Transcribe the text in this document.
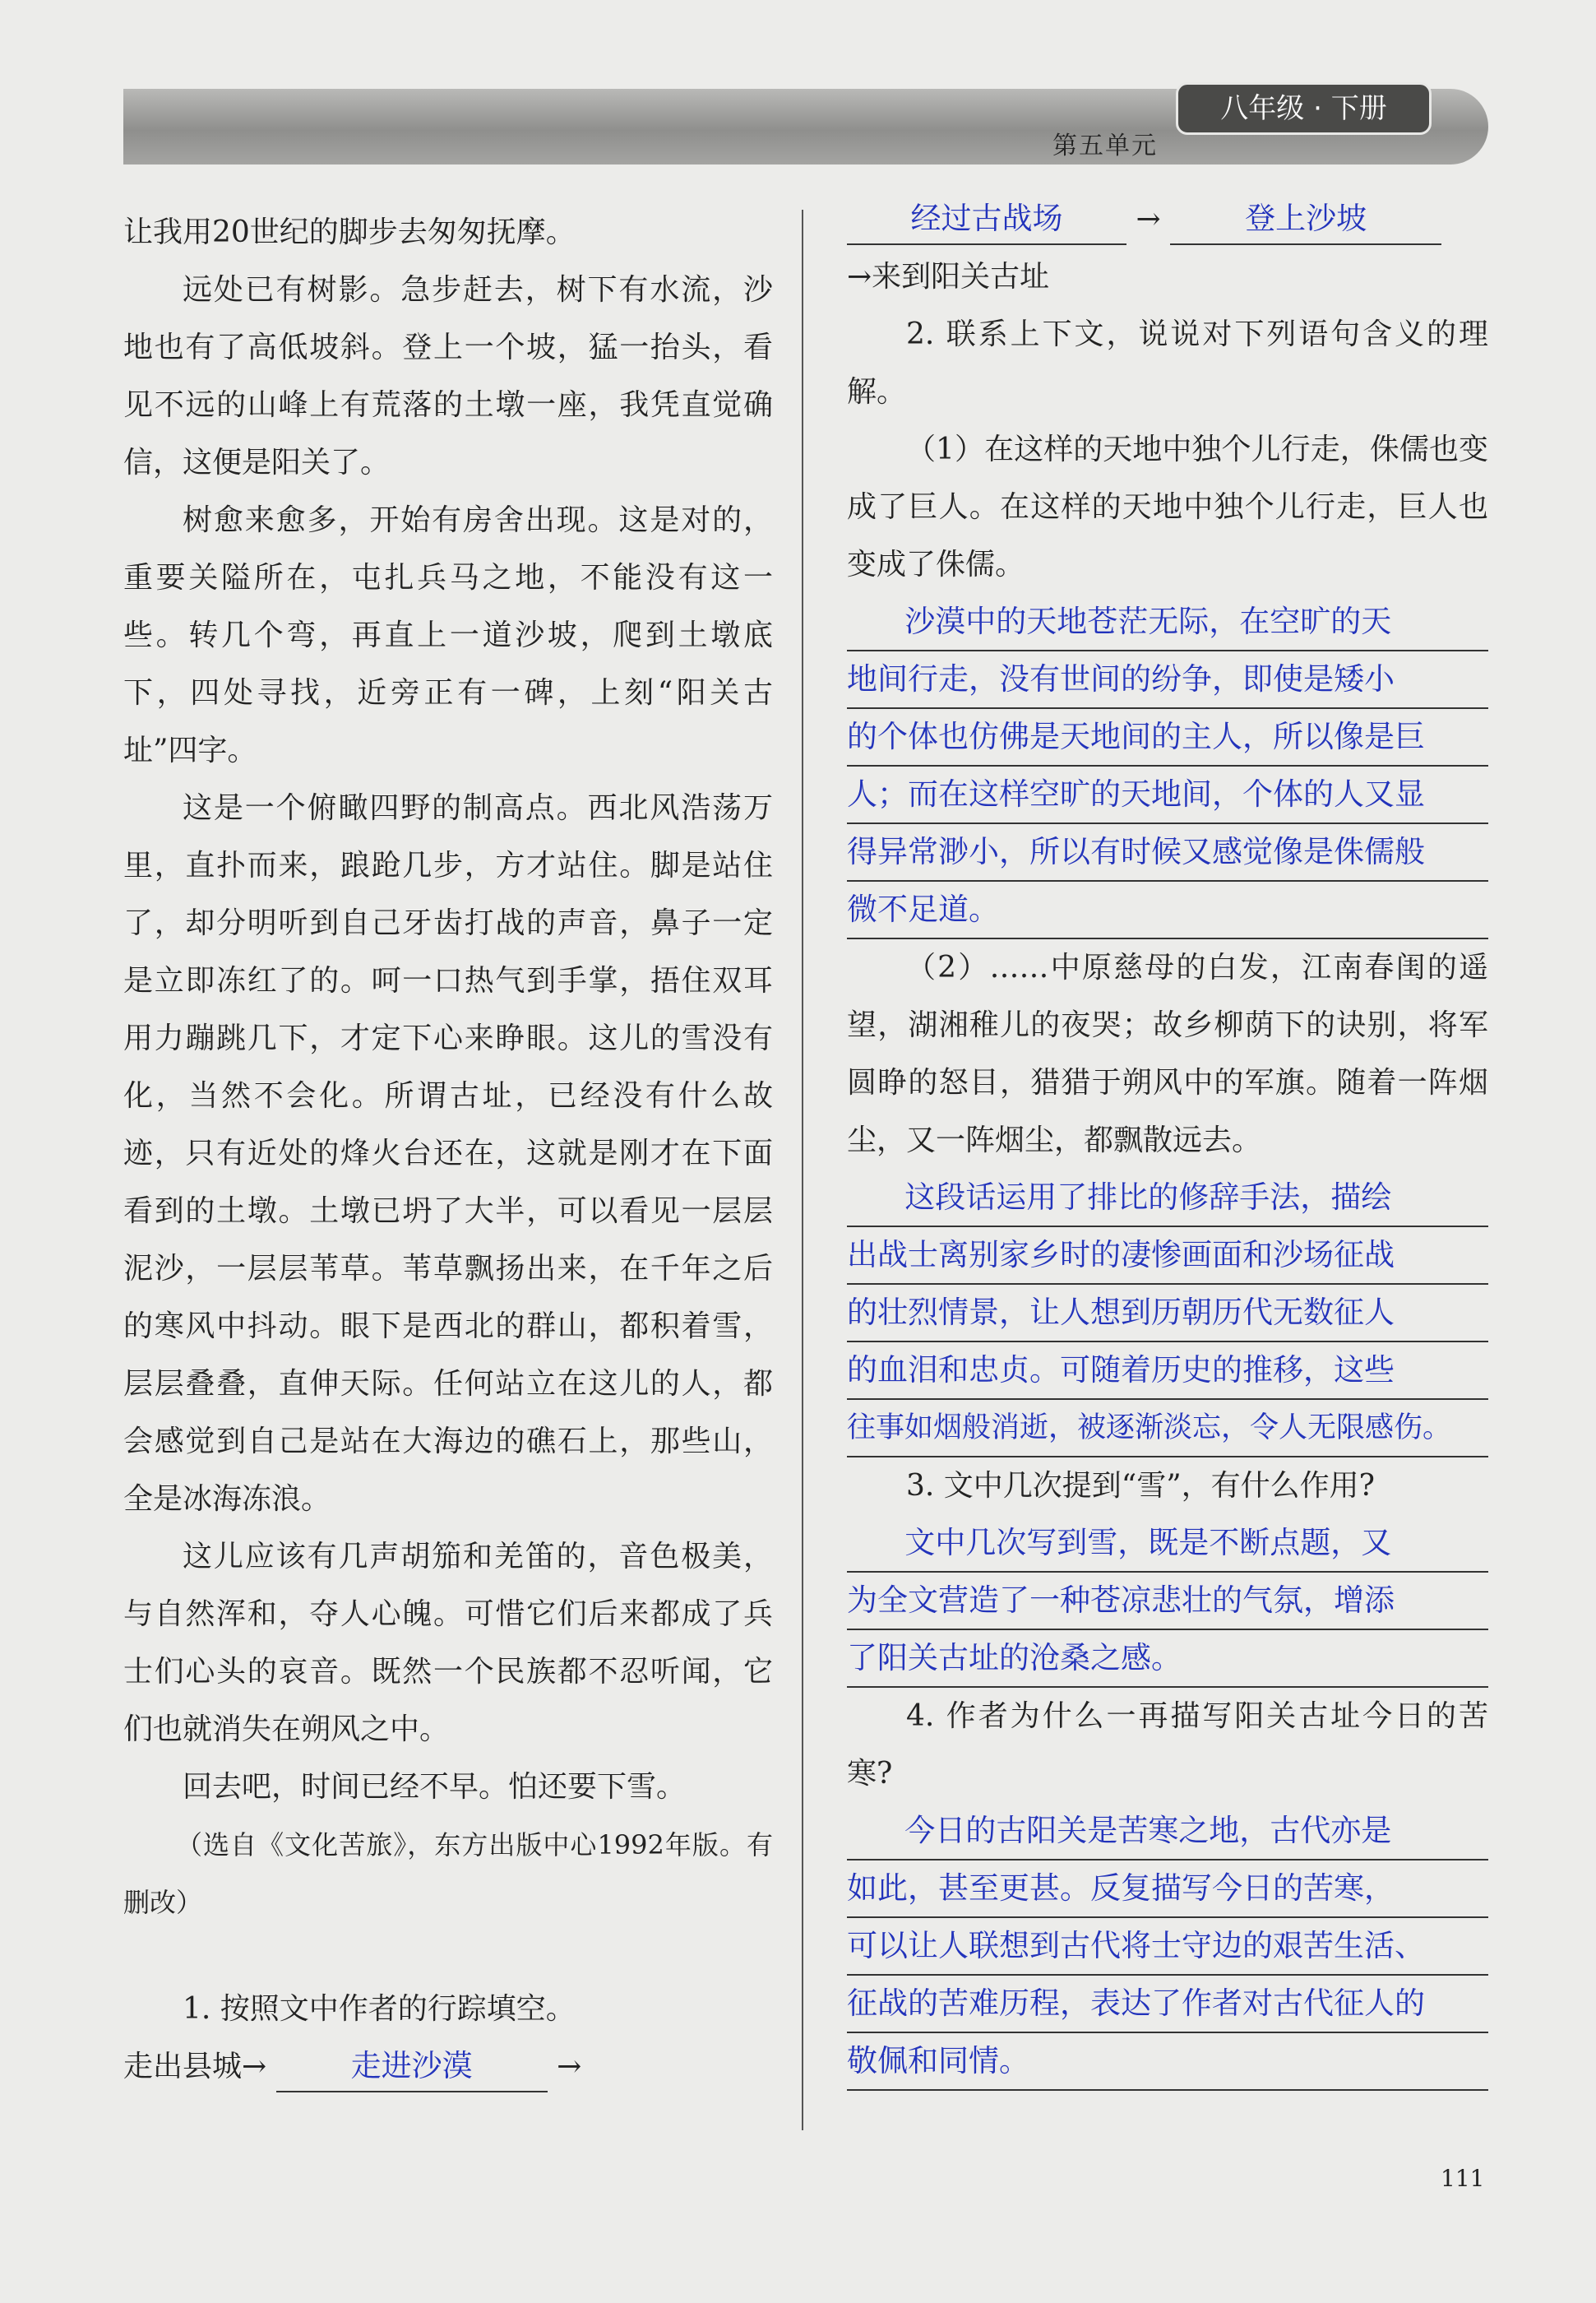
八年级 · 下册
第五单元

让我用20世纪的脚步去匆匆抚摩。

远处已有树影。急步赶去，树下有水流，沙地也有了高低坡斜。登上一个坡，猛一抬头，看见不远的山峰上有荒落的土墩一座，我凭直觉确信，这便是阳关了。

树愈来愈多，开始有房舍出现。这是对的，重要关隘所在，屯扎兵马之地，不能没有这一些。转几个弯，再直上一道沙坡，爬到土墩底下，四处寻找，近旁正有一碑，上刻“阳关古址”四字。

这是一个俯瞰四野的制高点。西北风浩荡万里，直扑而来，踉跄几步，方才站住。脚是站住了，却分明听到自己牙齿打战的声音，鼻子一定是立即冻红了的。呵一口热气到手掌，捂住双耳用力蹦跳几下，才定下心来睁眼。这儿的雪没有化，当然不会化。所谓古址，已经没有什么故迹，只有近处的烽火台还在，这就是刚才在下面看到的土墩。土墩已坍了大半，可以看见一层层泥沙，一层层苇草。苇草飘扬出来，在千年之后的寒风中抖动。眼下是西北的群山，都积着雪，层层叠叠，直伸天际。任何站立在这儿的人，都会感觉到自己是站在大海边的礁石上，那些山，全是冰海冻浪。

这儿应该有几声胡笳和羌笛的，音色极美，与自然浑和，夺人心魄。可惜它们后来都成了兵士们心头的哀音。既然一个民族都不忍听闻，它们也就消失在朔风之中。

回去吧，时间已经不早。怕还要下雪。

（选自《文化苦旅》，东方出版中心1992年版。有删改）

1. 按照文中作者的行踪填空。

走出县城→	走进沙漠	→

经过古战场 →	登上沙坡

→来到阳关古址

2. 联系上下文，说说对下列语句含义的理解。

（1）在这样的天地中独个儿行走，侏儒也变成了巨人。在这样的天地中独个儿行走，巨人也变成了侏儒。

沙漠中的天地苍茫无际，在空旷的天
地间行走，没有世间的纷争，即使是矮小
的个体也仿佛是天地间的主人，所以像是巨
人；而在这样空旷的天地间，个体的人又显
得异常渺小，所以有时候又感觉像是侏儒般
微不足道。

（2）……中原慈母的白发，江南春闺的遥望，湖湘稚儿的夜哭；故乡柳荫下的诀别，将军圆睁的怒目，猎猎于朔风中的军旗。随着一阵烟尘，又一阵烟尘，都飘散远去。

这段话运用了排比的修辞手法，描绘
出战士离别家乡时的凄惨画面和沙场征战
的壮烈情景，让人想到历朝历代无数征人
的血泪和忠贞。可随着历史的推移，这些
往事如烟般消逝，被逐渐淡忘，令人无限感伤。

3. 文中几次提到“雪”，有什么作用?

文中几次写到雪，既是不断点题，又
为全文营造了一种苍凉悲壮的气氛，增添
了阳关古址的沧桑之感。

4. 作者为什么一再描写阳关古址今日的苦寒?

今日的古阳关是苦寒之地，古代亦是
如此，甚至更甚。反复描写今日的苦寒，
可以让人联想到古代将士守边的艰苦生活、
征战的苦难历程，表达了作者对古代征人的
敬佩和同情。
111
